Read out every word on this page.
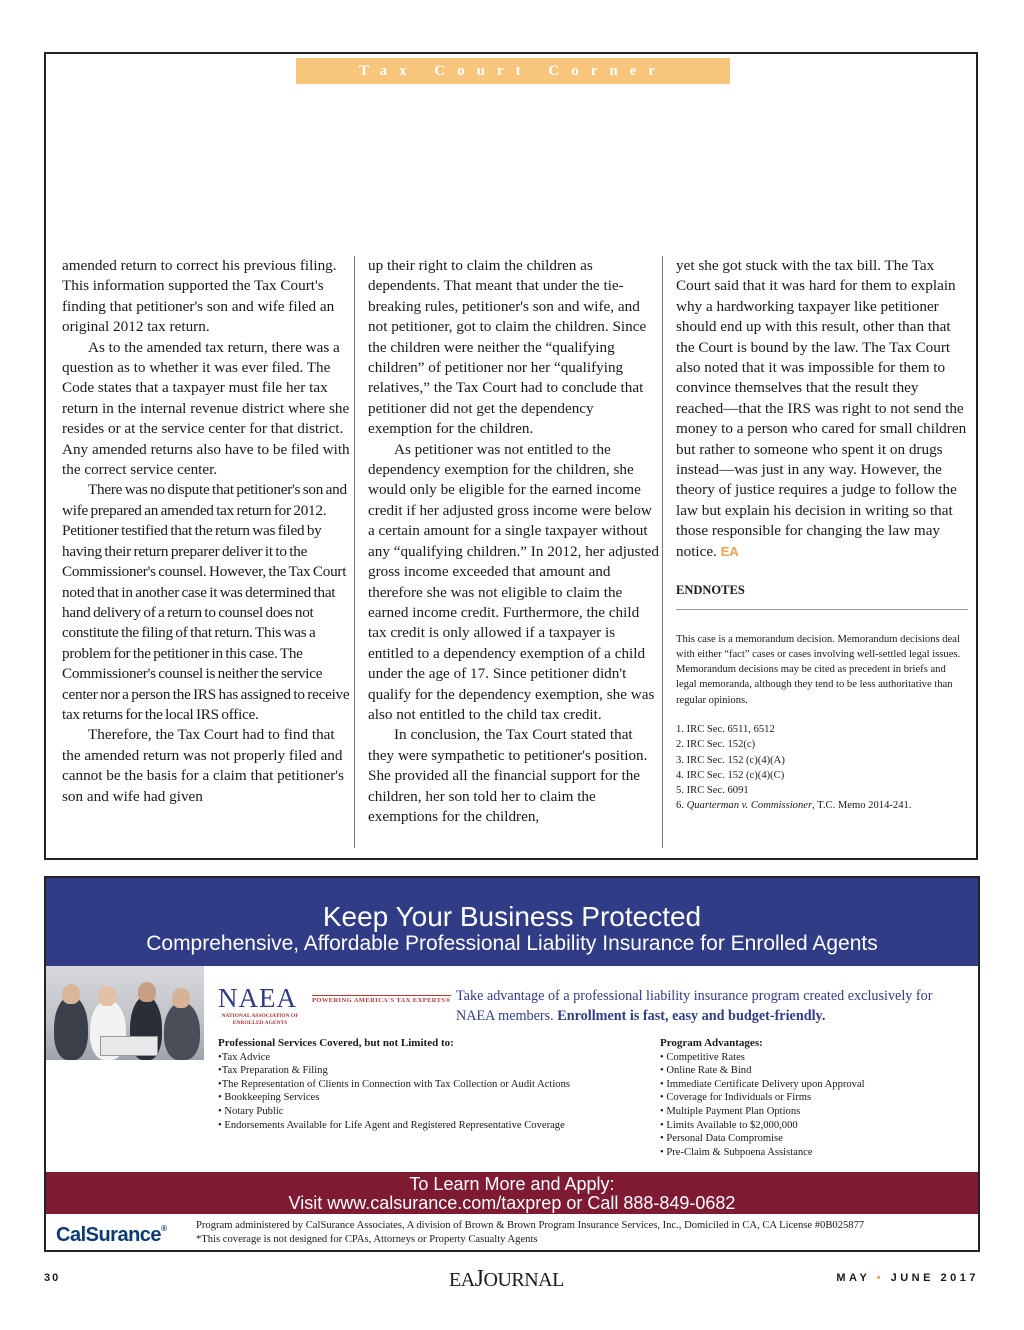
Tax Court Corner

amended return to correct his previous filing. This information supported the Tax Court's finding that petitioner's son and wife filed an original 2012 tax return.

As to the amended tax return, there was a question as to whether it was ever filed. The Code states that a taxpayer must file her tax return in the internal revenue district where she resides or at the service center for that district. Any amended returns also have to be filed with the correct service center.

There was no dispute that petitioner's son and wife prepared an amended tax return for 2012. Petitioner testified that the return was filed by having their return preparer deliver it to the Commissioner's counsel. However, the Tax Court noted that in another case it was determined that hand delivery of a return to counsel does not constitute the filing of that return. This was a problem for the petitioner in this case. The Commissioner's counsel is neither the service center nor a person the IRS has assigned to receive tax returns for the local IRS office.

Therefore, the Tax Court had to find that the amended return was not properly filed and cannot be the basis for a claim that petitioner's son and wife had given

up their right to claim the children as dependents. That meant that under the tie-breaking rules, petitioner's son and wife, and not petitioner, got to claim the children. Since the children were neither the “qualifying children” of petitioner nor her “qualifying relatives,” the Tax Court had to conclude that petitioner did not get the dependency exemption for the children.

As petitioner was not entitled to the dependency exemption for the children, she would only be eligible for the earned income credit if her adjusted gross income were below a certain amount for a single taxpayer without any “qualifying children.” In 2012, her adjusted gross income exceeded that amount and therefore she was not eligible to claim the earned income credit. Furthermore, the child tax credit is only allowed if a taxpayer is entitled to a dependency exemption of a child under the age of 17. Since petitioner didn't qualify for the dependency exemption, she was also not entitled to the child tax credit.

In conclusion, the Tax Court stated that they were sympathetic to petitioner's position. She provided all the financial support for the children, her son told her to claim the exemptions for the children,

yet she got stuck with the tax bill. The Tax Court said that it was hard for them to explain why a hardworking taxpayer like petitioner should end up with this result, other than that the Court is bound by the law. The Tax Court also noted that it was impossible for them to convince themselves that the result they reached—that the IRS was right to not send the money to a person who cared for small children but rather to someone who spent it on drugs instead—was just in any way. However, the theory of justice requires a judge to follow the law but explain his decision in writing so that those responsible for changing the law may notice. EA

ENDNOTES

This case is a memorandum decision. Memorandum decisions deal with either “fact” cases or cases involving well-settled legal issues. Memorandum decisions may be cited as precedent in briefs and legal memoranda, although they tend to be less authoritative than regular opinions.

1. IRC Sec. 6511, 6512
2. IRC Sec. 152(c)
3. IRC Sec. 152 (c)(4)(A)
4. IRC Sec. 152 (c)(4)(C)
5. IRC Sec. 6091
6. Quarterman v. Commissioner, T.C. Memo 2014-241.
Keep Your Business Protected
Comprehensive, Affordable Professional Liability Insurance for Enrolled Agents
NAEA POWERING AMERICA'S TAX EXPERTS®
NATIONAL ASSOCIATION OF ENROLLED AGENTS
Take advantage of a professional liability insurance program created exclusively for NAEA members. Enrollment is fast, easy and budget-friendly.
Professional Services Covered, but not Limited to:
•Tax Advice
•Tax Preparation & Filing
•The Representation of Clients in Connection with Tax Collection or Audit Actions
• Bookkeeping Services
• Notary Public
• Endorsements Available for Life Agent and Registered Representative Coverage
Program Advantages:
• Competitive Rates
• Online Rate & Bind
• Immediate Certificate Delivery upon Approval
• Coverage for Individuals or Firms
• Multiple Payment Plan Options
• Limits Available to $2,000,000
• Personal Data Compromise
• Pre-Claim & Subpoena Assistance
To Learn More and Apply:
Visit www.calsurance.com/taxprep or Call 888-849-0682
CalSurance®	Program administered by CalSurance Associates, A division of Brown & Brown Program Insurance Services, Inc., Domiciled in CA, CA License #0B025877
*This coverage is not designed for CPAs, Attorneys or Property Casualty Agents
30	EAJOURNAL	MAY • JUNE 2017
